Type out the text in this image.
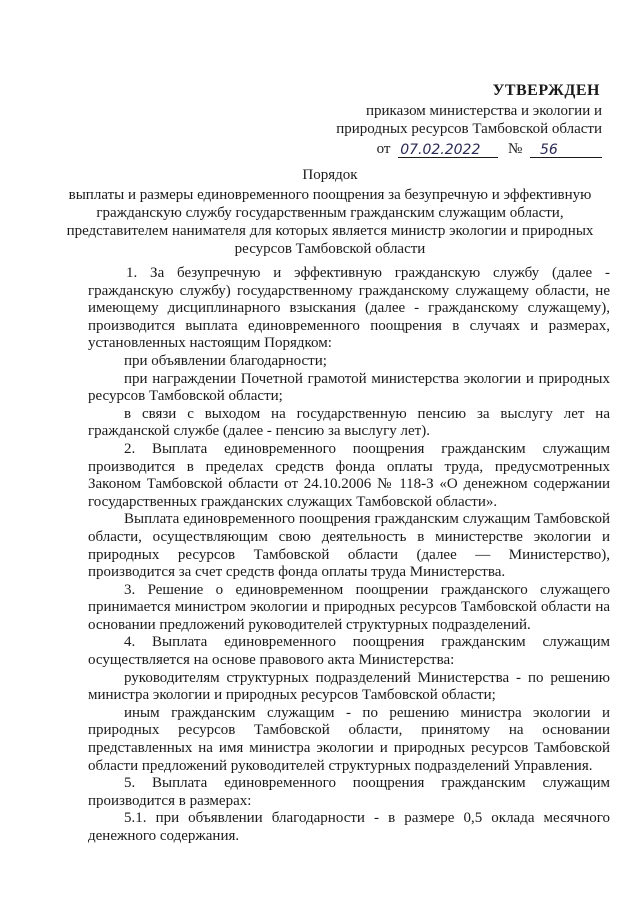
УТВЕРЖДЕН
приказом министерства и экологии и
природных ресурсов Тамбовской области
от 07.02.2022 № 56
Порядок
выплаты и размеры единовременного поощрения за безупречную и эффективную гражданскую службу государственным гражданским служащим области, представителем нанимателя для которых является министр экологии и природных ресурсов Тамбовской области

1. За безупречную и эффективную гражданскую службу (далее - гражданскую службу) государственному гражданскому служащему области, не имеющему дисциплинарного взыскания (далее - гражданскому служащему), производится выплата единовременного поощрения в случаях и размерах, установленных настоящим Порядком:

при объявлении благодарности;

при награждении Почетной грамотой министерства экологии и природных ресурсов Тамбовской области;

в связи с выходом на государственную пенсию за выслугу лет на гражданской службе (далее - пенсию за выслугу лет).

2. Выплата единовременного поощрения гражданским служащим производится в пределах средств фонда оплаты труда, предусмотренных Законом Тамбовской области от 24.10.2006 № 118-З «О денежном содержании государственных гражданских служащих Тамбовской области».

Выплата единовременного поощрения гражданским служащим Тамбовской области, осуществляющим свою деятельность в министерстве экологии и природных ресурсов Тамбовской области (далее — Министерство), производится за счет средств фонда оплаты труда Министерства.

3. Решение о единовременном поощрении гражданского служащего принимается министром экологии и природных ресурсов Тамбовской области на основании предложений руководителей структурных подразделений.

4. Выплата единовременного поощрения гражданским служащим осуществляется на основе правового акта Министерства:

руководителям структурных подразделений Министерства - по решению министра экологии и природных ресурсов Тамбовской области;

иным гражданским служащим - по решению министра экологии и природных ресурсов Тамбовской области, принятому на основании представленных на имя министра экологии и природных ресурсов Тамбовской области предложений руководителей структурных подразделений Управления.

5. Выплата единовременного поощрения гражданским служащим производится в размерах:

5.1. при объявлении благодарности - в размере 0,5 оклада месячного денежного содержания.
